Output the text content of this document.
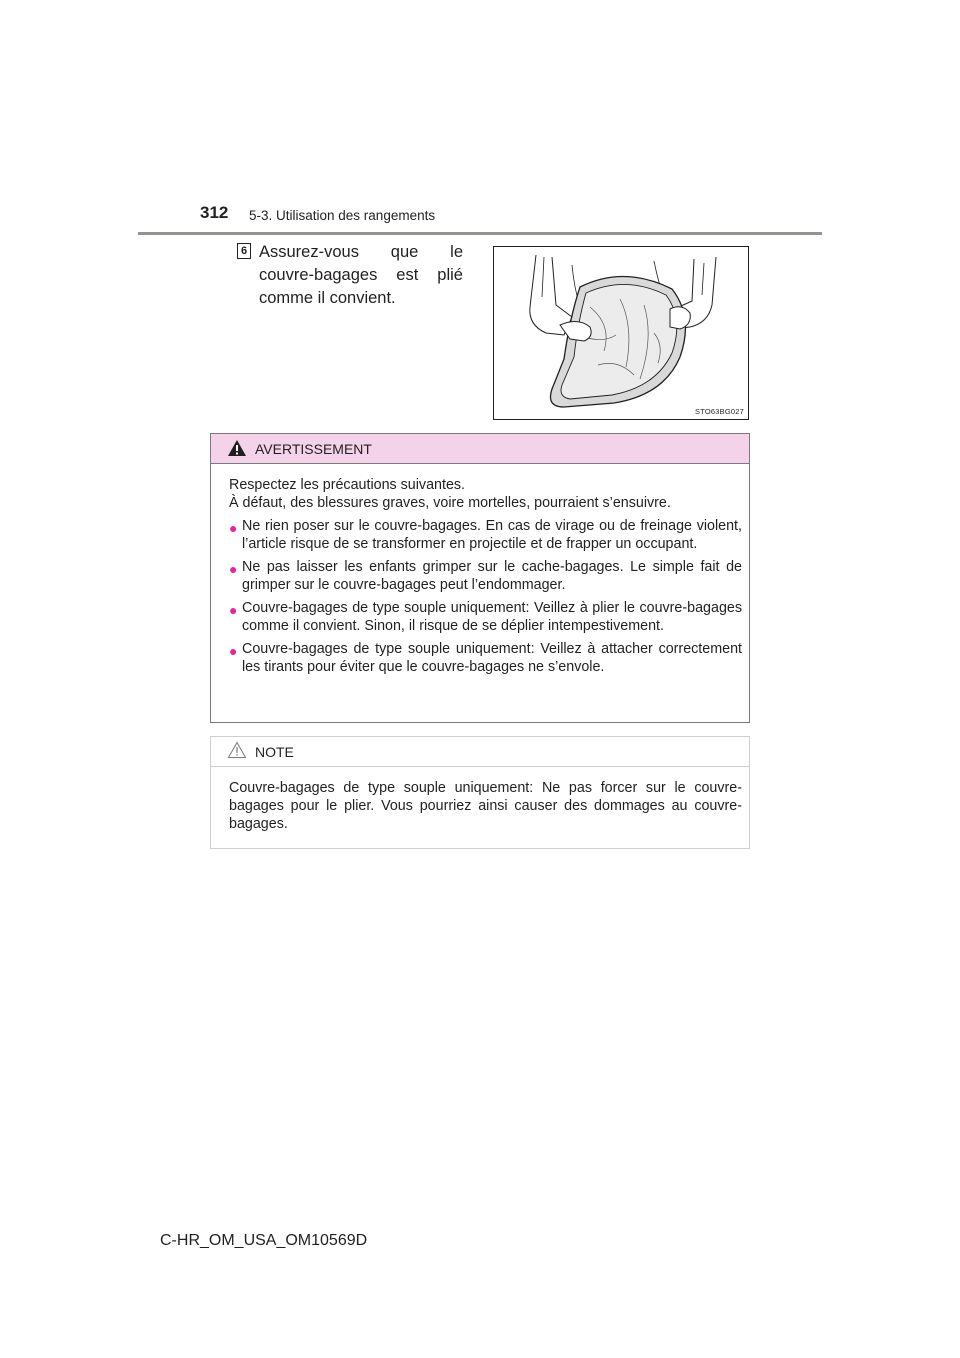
312 5-3. Utilisation des rangements
6 Assurez-vous que le couvre-bagages est plié comme il convient.
STO63BG027
AVERTISSEMENT

Respectez les précautions suivantes.

À défaut, des blessures graves, voire mortelles, pourraient s’ensuivre.

● Ne rien poser sur le couvre-bagages. En cas de virage ou de freinage violent, l’article risque de se transformer en projectile et de frapper un occupant.
● Ne pas laisser les enfants grimper sur le cache-bagages. Le simple fait de grimper sur le couvre-bagages peut l’endommager.
● Couvre-bagages de type souple uniquement: Veillez à plier le couvre-bagages comme il convient. Sinon, il risque de se déplier intempestivement.
● Couvre-bagages de type souple uniquement: Veillez à attacher correctement les tirants pour éviter que le couvre-bagages ne s’envole.
NOTE
Couvre-bagages de type souple uniquement: Ne pas forcer sur le couvre-bagages pour le plier. Vous pourriez ainsi causer des dommages au couvre-bagages.
C-HR_OM_USA_OM10569D
